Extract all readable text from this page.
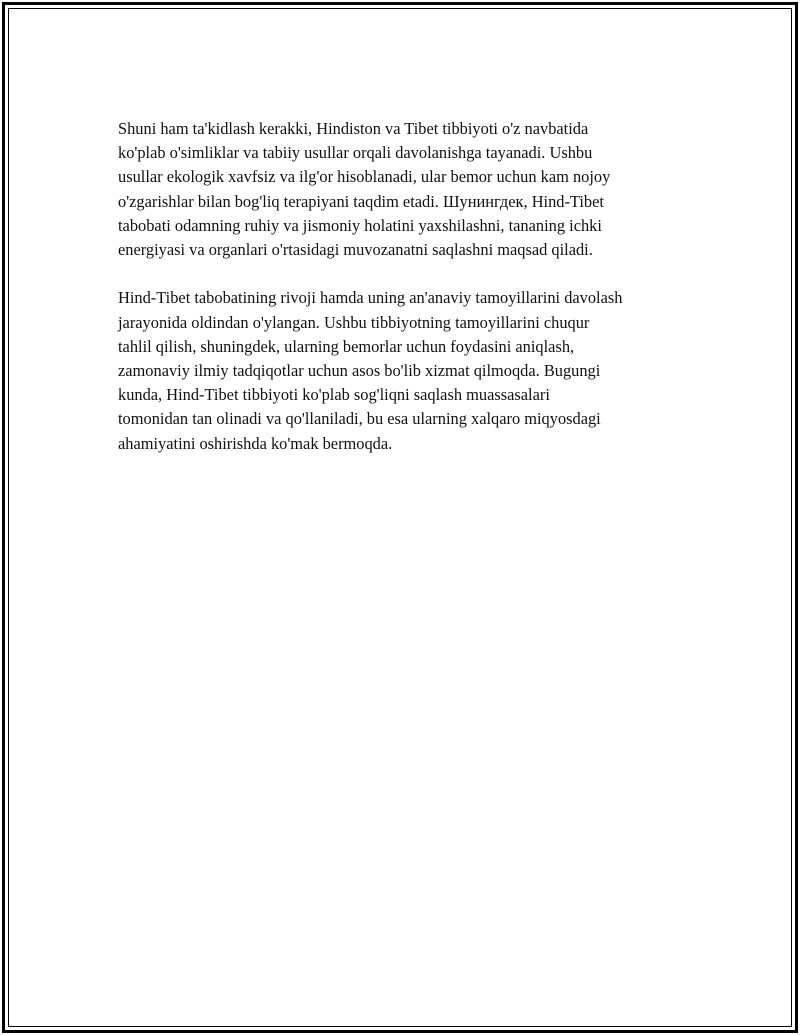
Shuni ham ta'kidlash kerakki, Hindiston va Tibet tibbiyoti o'z navbatida
ko'plab o'simliklar va tabiiy usullar orqali davolanishga tayanadi. Ushbu
usullar ekologik xavfsiz va ilg'or hisoblanadi, ular bemor uchun kam nojoy
o'zgarishlar bilan bog'liq terapiyani taqdim etadi. Шунингдек, Hind-Tibet
tabobati odamning ruhiy va jismoniy holatini yaxshilashni, tananing ichki
energiyasi va organlari o'rtasidagi muvozanatni saqlashni maqsad qiladi.

Hind-Tibet tabobatining rivoji hamda uning an'anaviy tamoyillarini davolash
jarayonida oldindan o'ylangan. Ushbu tibbiyotning tamoyillarini chuqur
tahlil qilish, shuningdek, ularning bemorlar uchun foydasini aniqlash,
zamonaviy ilmiy tadqiqotlar uchun asos bo'lib xizmat qilmoqda. Bugungi
kunda, Hind-Tibet tibbiyoti ko'plab sog'liqni saqlash muassasalari
tomonidan tan olinadi va qo'llaniladi, bu esa ularning xalqaro miqyosdagi
ahamiyatini oshirishda ko'mak bermoqda.
